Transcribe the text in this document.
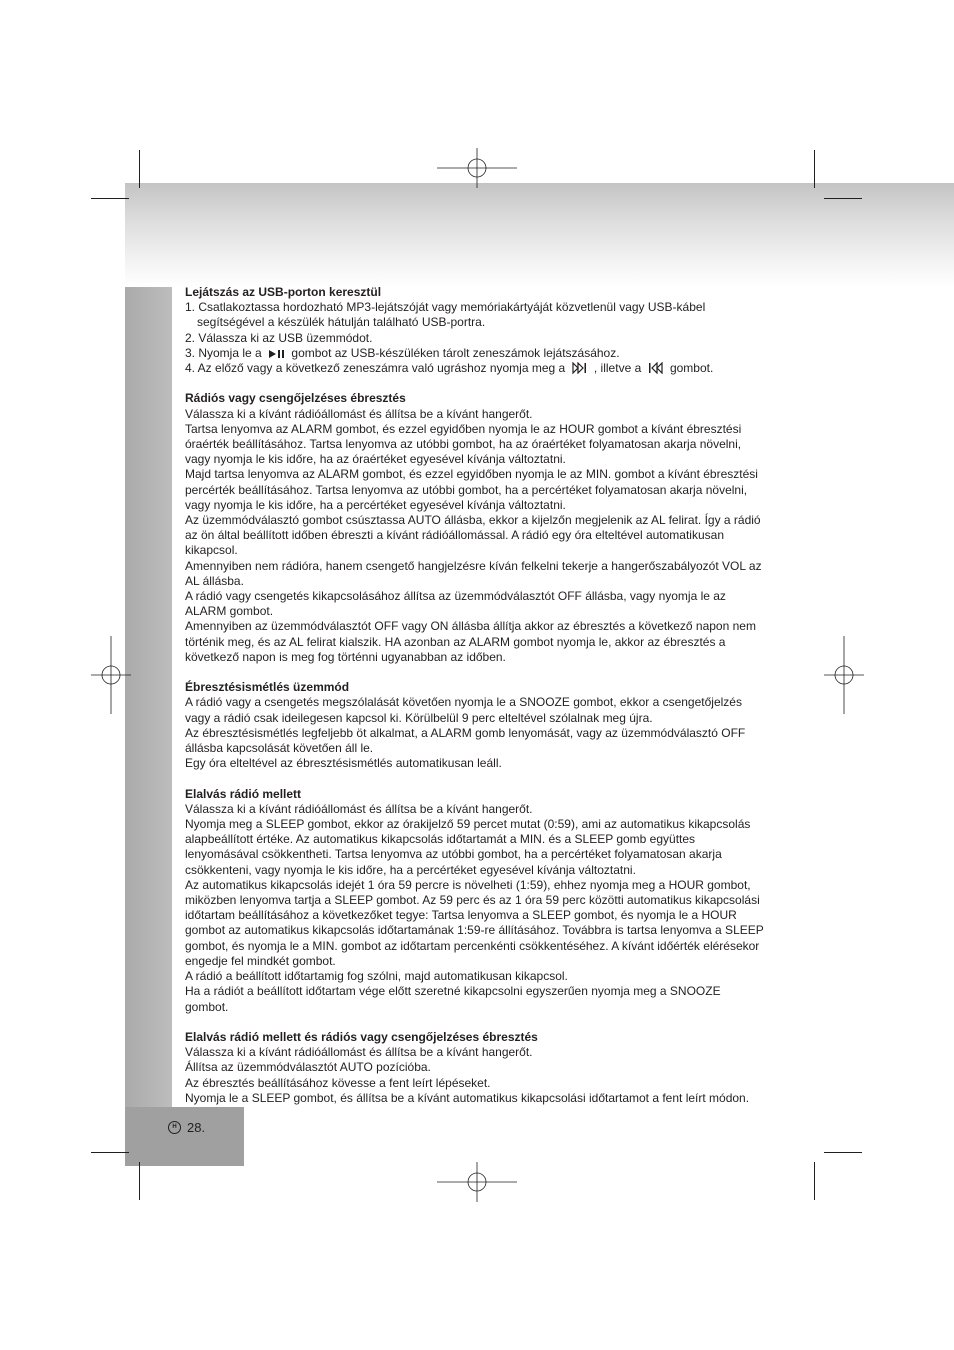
Lejátszás az USB-porton keresztül

1. Csatlakoztassa hordozható MP3-lejátszóját vagy memóriakártyáját közvetlenül vagy USB-kábel
segítségével a készülék hátulján található USB-portra.
2. Válassza ki az USB üzemmódot.
3. Nyomja le a gombot az USB-készüléken tárolt zeneszámok lejátszásához.
4. Az előző vagy a következő zeneszámra való ugráshoz nyomja meg a , illetve a gombot.

Rádiós vagy csengőjelzéses ébresztés

Válassza ki a kívánt rádióállomást és állítsa be a kívánt hangerőt.

Tartsa lenyomva az ALARM gombot, és ezzel egyidőben nyomja le az HOUR gombot a kívánt ébresztési

óraérték beállításához. Tartsa lenyomva az utóbbi gombot, ha az óraértéket folyamatosan akarja növelni,

vagy nyomja le kis időre, ha az óraértéket egyesével kívánja változtatni.

Majd tartsa lenyomva az ALARM gombot, és ezzel egyidőben nyomja le az MIN. gombot a kívánt ébresztési

percérték beállításához. Tartsa lenyomva az utóbbi gombot, ha a percértéket folyamatosan akarja növelni,

vagy nyomja le kis időre, ha a percértéket egyesével kívánja változtatni.

Az üzemmódválasztó gombot csúsztassa AUTO állásba, ekkor a kijelzőn megjelenik az AL felirat. Így a rádió

az ön által beállított időben ébreszti a kívánt rádióállomással. A rádió egy óra elteltével automatikusan

kikapcsol.

Amennyiben nem rádióra, hanem csengető hangjelzésre kíván felkelni tekerje a hangerőszabályozót VOL az

AL állásba.

A rádió vagy csengetés kikapcsolásához állítsa az üzemmódválasztót OFF állásba, vagy nyomja le az

ALARM gombot.

Amennyiben az üzemmódválasztót OFF vagy ON állásba állítja akkor az ébresztés a következő napon nem

történik meg, és az AL felirat kialszik. HA azonban az ALARM gombot nyomja le, akkor az ébresztés a

következő napon is meg fog történni ugyanabban az időben.

Ébresztésismétlés üzemmód

A rádió vagy a csengetés megszólalását követően nyomja le a SNOOZE gombot, ekkor a csengetőjelzés

vagy a rádió csak ideilegesen kapcsol ki. Körülbelül 9 perc elteltével szólalnak meg újra.

Az ébresztésismétlés legfeljebb öt alkalmat, a ALARM gomb lenyomását, vagy az üzemmódválasztó OFF

állásba kapcsolását követően áll le.

Egy óra elteltével az ébresztésismétlés automatikusan leáll.

Elalvás rádió mellett

Válassza ki a kívánt rádióállomást és állítsa be a kívánt hangerőt.

Nyomja meg a SLEEP gombot, ekkor az órakijelző 59 percet mutat (0:59), ami az automatikus kikapcsolás

alapbeállított értéke. Az automatikus kikapcsolás időtartamát a MIN. és a SLEEP gomb együttes

lenyomásával csökkentheti. Tartsa lenyomva az utóbbi gombot, ha a percértéket folyamatosan akarja

csökkenteni, vagy nyomja le kis időre, ha a percértéket egyesével kívánja változtatni.

Az automatikus kikapcsolás idejét 1 óra 59 percre is növelheti (1:59), ehhez nyomja meg a HOUR gombot,

miközben lenyomva tartja a SLEEP gombot. Az 59 perc és az 1 óra 59 perc közötti automatikus kikapcsolási

időtartam beállításához a következőket tegye: Tartsa lenyomva a SLEEP gombot, és nyomja le a HOUR

gombot az automatikus kikapcsolás időtartamának 1:59-re állításához. Továbbra is tartsa lenyomva a SLEEP

gombot, és nyomja le a MIN. gombot az időtartam percenkénti csökkentéséhez. A kívánt időérték elérésekor

engedje fel mindkét gombot.

A rádió a beállított időtartamig fog szólni, majd automatikusan kikapcsol.

Ha a rádiót a beállított időtartam vége előtt szeretné kikapcsolni egyszerűen nyomja meg a SNOOZE

gombot.

Elalvás rádió mellett és rádiós vagy csengőjelzéses ébresztés

Válassza ki a kívánt rádióállomást és állítsa be a kívánt hangerőt.

Állítsa az üzemmódválasztót AUTO pozícióba.

Az ébresztés beállításához kövesse a fent leírt lépéseket.

Nyomja le a SLEEP gombot, és állítsa be a kívánt automatikus kikapcsolási időtartamot a fent leírt módon.

H 28.
